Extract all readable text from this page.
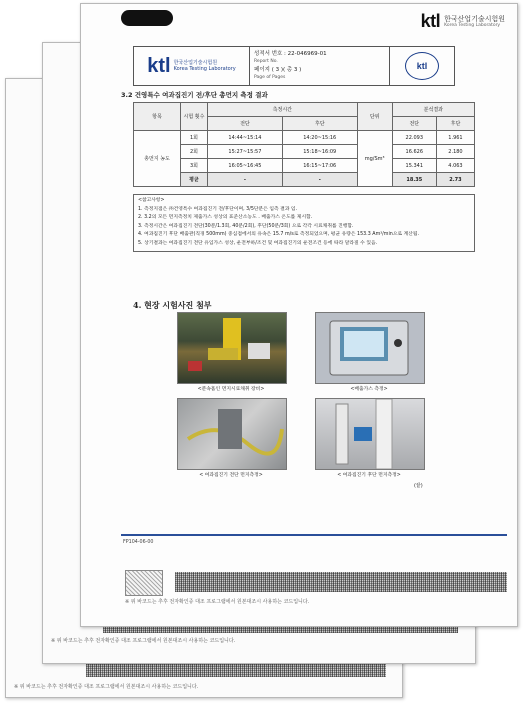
※ 위 바코드는 추후 전자확인증 대조 프로그램에서 원본대조시 사용하는 코드입니다.
※ 위 바코드는 추후 전자확인증 대조 프로그램에서 원본대조시 사용하는 코드입니다.
ktl 한국산업기술시험원
Korea Testing Laboratory
ktl 한국산업기술시험원
Korea Testing Laboratory
성적서 번호 : 22-046969-01
Report No.
페이지 ( 3 )( 총 3 )
Page of Pages
ktl
3.2 건영특수 여과집진기 전/후단 총먼지 측정 결과
항목	시험 횟수	측정시간		단위	분석결과	
		전단	후단		전단	후단
총먼지 농도	1회	14:44~15:14	14:20~15:16	mg/Sm³	22.093	1.961
	2회	15:27~15:57	15:18~16:09		16.626	2.180
	3회	16:05~16:45	16:15~17:06		15.341	4.063
	평균	-	-		18.35	2.73
<참고사항>
1. 측정지점은 ㈜건영특수 여과집진기 전/후단이며, 3/5단분은 입측 결과 임.
2. 3.2의 모든 먼지측정치 제출가스 성상의 표준산소농도 ․ 배출가스 온도를 제시함.
3. 측정시간은 여과집진기 전단(30분/1.3회, 40분/2회), 후단(50분/3회) 으로 각각 시료채취를 진행함.
4. 여과집진기 후단 배출관(직경 500mm) 중심점에서의 유속은 15.7 m/s로 측정되었으며, 평균 유량은 153.3 Am³/min으로 계산됨.
5. 상기결과는 여과집진기 전단 유입가스 성상, 운전부하/조건 및 여과집진기의 운전조건 등에 따라 달라질 수 있음.
4. 현장 시험사진 첨부
<분속흡인 먼지시료채취 장비>	<배출가스 측정>
< 여과집진기 전단 먼지측정>	< 여과집진기 후단 먼지측정>
(끝)
FP104-06-00
※ 위 바코드는 추후 전자확인증 대조 프로그램에서 원본대조시 사용하는 코드입니다.
